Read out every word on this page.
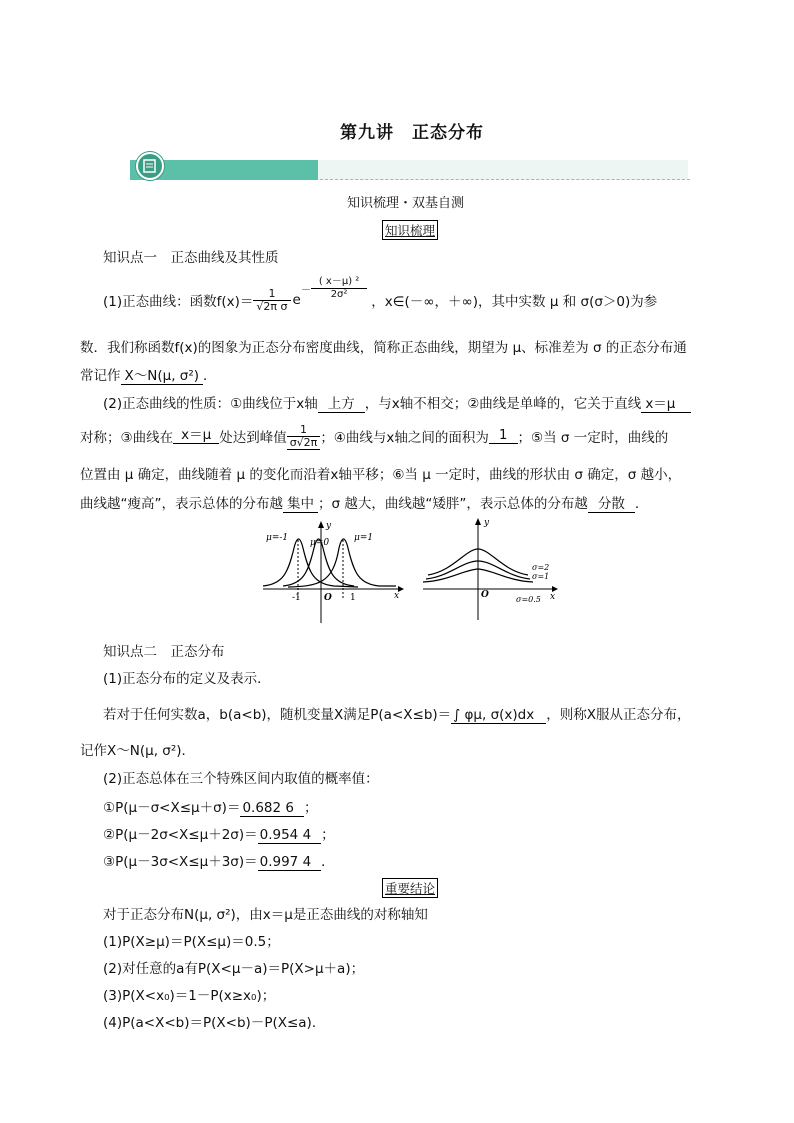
第九讲　正态分布
知识梳理・双基自测
知识梳理
知识点一　正态曲线及其性质
(1)正态曲线：函数$f(x)= \frac{1}{\text{√2π σ}}$ e
－ $\frac{\text{( x－μ) ²}}{\text{2σ²}}$
，x∈(－∞，＋∞)，其中实数 μ 和 σ(σ＞0)为参
数．我们称函数f(x)的图象为正态分布密度曲线，简称正态曲线，期望为 μ、标准差为 σ 的正态分布通
常记作 X～N(μ, σ²) ．
(2)正态曲线的性质：①曲线位于x轴 上方 ，与x轴不相交；②曲线是单峰的，它关于直线 x＝μ
对称；③曲线在 x＝μ 处达到峰值 $\frac{1}{\sigma√2\pi}$ ；④曲线与x轴之间的面积为 1 ；⑤当 σ 一定时，曲线的
位置由 μ 确定，曲线随着 μ 的变化而沿着x轴平移；⑥当 μ 一定时，曲线的形状由 σ 确定，σ 越小，
曲线越“瘦高”，表示总体的分布越 集中 ；σ 越大，曲线越“矮胖”，表示总体的分布越 分散 ．
μ=-1 μ=0	μ=1
y
x
O
-1	1
y
x
O
σ=2
σ=1
σ=0.5
知识点二　正态分布
(1)正态分布的定义及表示．
若对于任何实数a，b(a<b)，随机变量X满足P(a<X≤b)＝ ∫ φμ, σ(x)dx ，则称X服从正态分布，
记作X～N(μ, σ²)．
(2)正态总体在三个特殊区间内取值的概率值：
①P(μ－σ<X≤μ＋σ)＝ 0.682 6 ；
②P(μ－2σ<X≤μ＋2σ)＝ 0.954 4 ；
③P(μ－3σ<X≤μ＋3σ)＝ 0.997 4 ．
重要结论
对于正态分布N(μ, σ²)，由x＝μ是正态曲线的对称轴知
(1)P(X≥μ)＝P(X≤μ)＝0.5；
(2)对任意的a有P(X<μ－a)＝P(X>μ＋a)；
(3)P(X<x₀)＝1－P(x≥x₀)；
(4)P(a<X<b)＝P(X<b)－P(X≤a)．
